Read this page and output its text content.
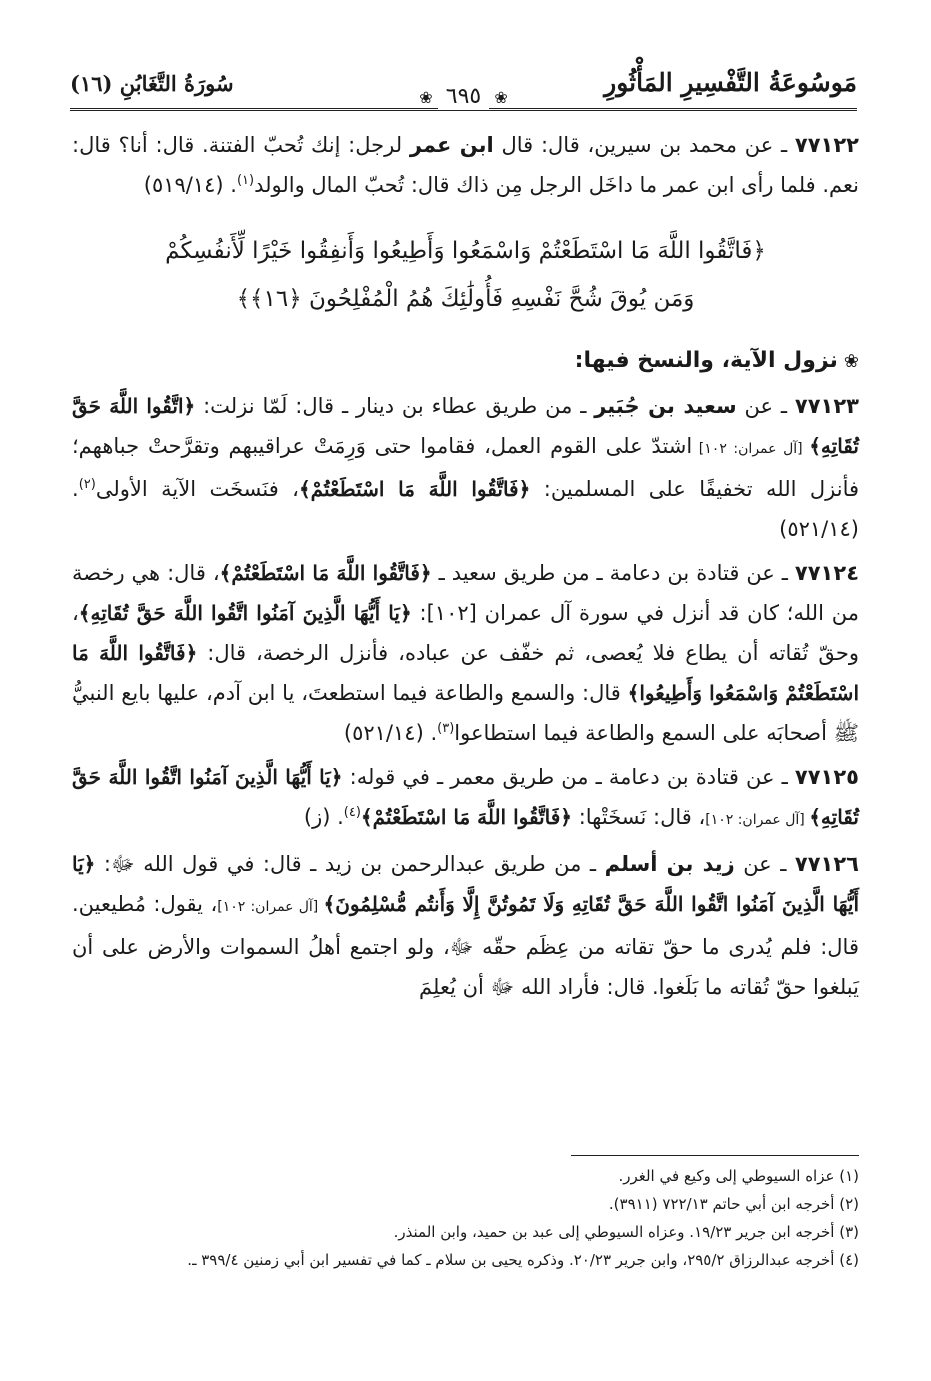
مَوسُوعَةُ التَّفْسِيرِ المَأْثُورِ
❀ ٦٩٥ ❀
سُورَةُ التَّغَابُنِ (١٦)

٧٧١٢٢ ـ عن محمد بن سيرين، قال: قال ابن عمر لرجل: إنك تُحبّ الفتنة. قال: أنا؟ قال: نعم. فلما رأى ابن عمر ما داخَل الرجل مِن ذاك قال: تُحبّ المال والولد$^{(١)}$. (٥١٩/١٤)

﴿فَاتَّقُوا اللَّهَ مَا اسْتَطَعْتُمْ وَاسْمَعُوا وَأَطِيعُوا وَأَنفِقُوا خَيْرًا لِّأَنفُسِكُمْ
وَمَن يُوقَ شُحَّ نَفْسِهِ فَأُولَٰئِكَ هُمُ الْمُفْلِحُونَ ﴿١٦﴾﴾

❀نزول الآية، والنسخ فيها:

٧٧١٢٣ ـ عن سعيد بن جُبَير ـ من طريق عطاء بن دينار ـ قال: لَمّا نزلت: ﴿اتَّقُوا اللَّهَ حَقَّ تُقَاتِهِ﴾ [آل عمران: ١٠٢] اشتدّ على القوم العمل، فقاموا حتى وَرِمَتْ عراقيبهم وتقرَّحتْ جباههم؛ فأنزل الله تخفيفًا على المسلمين: ﴿فَاتَّقُوا اللَّهَ مَا اسْتَطَعْتُمْ﴾، فنَسخَت الآية الأولى$^{(٢)}$. (٥٢١/١٤)

٧٧١٢٤ ـ عن قتادة بن دعامة ـ من طريق سعيد ـ ﴿فَاتَّقُوا اللَّهَ مَا اسْتَطَعْتُمْ﴾، قال: هي رخصة من الله؛ كان قد أنزل في سورة آل عمران [١٠٢]: ﴿يَا أَيُّهَا الَّذِينَ آمَنُوا اتَّقُوا اللَّهَ حَقَّ تُقَاتِهِ﴾، وحقّ تُقاته أن يطاع فلا يُعصى، ثم خفّف عن عباده، فأنزل الرخصة، قال: ﴿فَاتَّقُوا اللَّهَ مَا اسْتَطَعْتُمْ وَاسْمَعُوا وَأَطِيعُوا﴾ قال: والسمع والطاعة فيما استطعتَ، يا ابن آدم، عليها بايع النبيُّ ﷺ أصحابَه على السمع والطاعة فيما استطاعوا$^{(٣)}$. (٥٢١/١٤)

٧٧١٢٥ ـ عن قتادة بن دعامة ـ من طريق معمر ـ في قوله: ﴿يَا أَيُّهَا الَّذِينَ آمَنُوا اتَّقُوا اللَّهَ حَقَّ تُقَاتِهِ﴾ [آل عمران: ١٠٢]، قال: نَسخَتْها: ﴿فَاتَّقُوا اللَّهَ مَا اسْتَطَعْتُمْ﴾$^{(٤)}$. (ز)

٧٧١٢٦ ـ عن زيد بن أسلم ـ من طريق عبدالرحمن بن زيد ـ قال: في قول الله ﷻ: ﴿يَا أَيُّهَا الَّذِينَ آمَنُوا اتَّقُوا اللَّهَ حَقَّ تُقَاتِهِ وَلَا تَمُوتُنَّ إِلَّا وَأَنتُم مُّسْلِمُونَ﴾ [آل عمران: ١٠٢]، يقول: مُطيعين. قال: فلم يُدرى ما حقّ تقاته من عِظَم حقّه ﷻ، ولو اجتمع أهلُ السموات والأرض على أن يَبلغوا حقّ تُقاته ما بَلَغوا. قال: فأراد الله ﷻ أن يُعلِمَ

(١) عزاه السيوطي إلى وكيع في الغرر.
(٢) أخرجه ابن أبي حاتم ٧٢٢/١٣ (٣٩١١).
(٣) أخرجه ابن جرير ١٩/٢٣. وعزاه السيوطي إلى عبد بن حميد، وابن المنذر.
(٤) أخرجه عبدالرزاق ٢٩٥/٢، وابن جرير ٢٠/٢٣. وذكره يحيى بن سلام ـ كما في تفسير ابن أبي زمنين ٣٩٩/٤ ـ.
